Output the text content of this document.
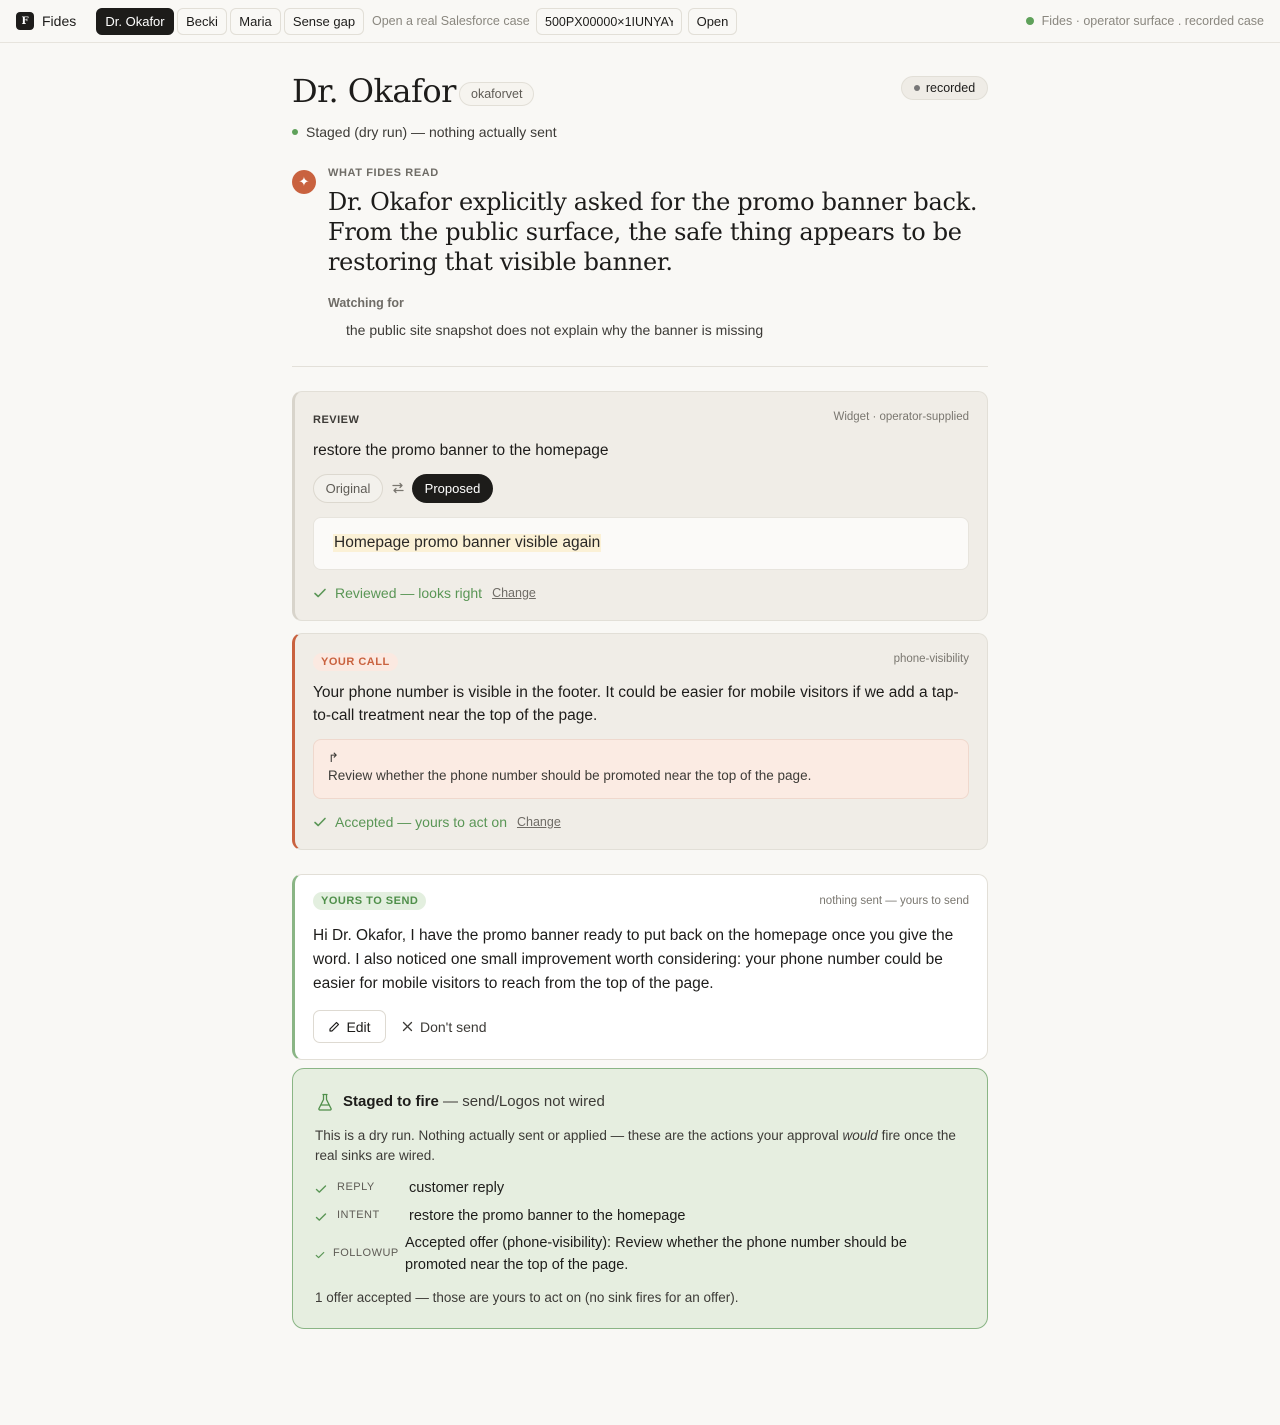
F Fides	Dr. Okafor	Becki	Maria	Sense gap	Open a real Salesforce case
500PX00000×1IUNYAY	Open	Fides · operator surface . recorded case
Dr. Okafor	okaforvet	recorded
Staged (dry run) — nothing actually sent
✦
WHAT FIDES READ
Dr. Okafor explicitly asked for the promo banner back. From the public surface, the safe thing appears to be restoring that visible banner.
Watching for
the public site snapshot does not explain why the banner is missing
REVIEW	Widget · operator-supplied
restore the promo banner to the homepage
Original	Proposed
Homepage promo banner visible again
Reviewed — looks right Change
YOUR CALL	phone-visibility
Your phone number is visible in the footer. It could be easier for mobile visitors if we add a tap-to-call treatment near the top of the page.
↱
Review whether the phone number should be promoted near the top of the page.
Accepted — yours to act on Change
YOURS TO SEND	nothing sent — yours to send
Hi Dr. Okafor, I have the promo banner ready to put back on the homepage once you give the word. I also noticed one small improvement worth considering: your phone number could be easier for mobile visitors to reach from the top of the page.
Edit	Don't send
Staged to fire — send/Logos not wired
This is a dry run. Nothing actually sent or applied — these are the actions your approval would fire once the real sinks are wired.
REPLY customer reply
INTENT restore the promo banner to the homepage
FOLLOWUP
Accepted offer (phone-visibility): Review whether the phone number should be
promoted near the top of the page.
1 offer accepted — those are yours to act on (no sink fires for an offer).
